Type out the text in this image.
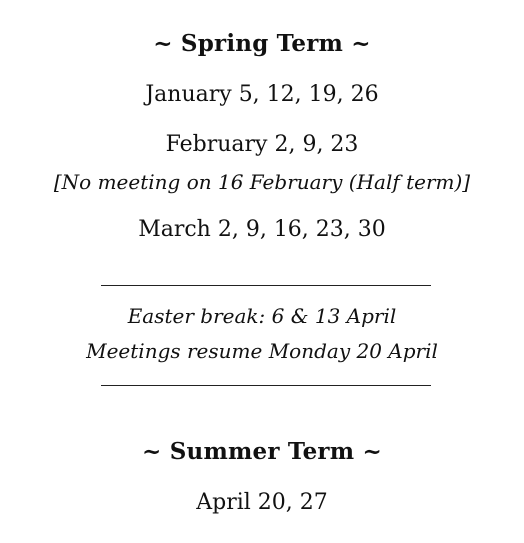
~ Spring Term ~
January 5, 12, 19, 26
February 2, 9, 23
[No meeting on 16 February (Half term)]
March 2, 9, 16, 23, 30
Easter break: 6 & 13 April
Meetings resume Monday 20 April
~ Summer Term ~
April 20, 27
